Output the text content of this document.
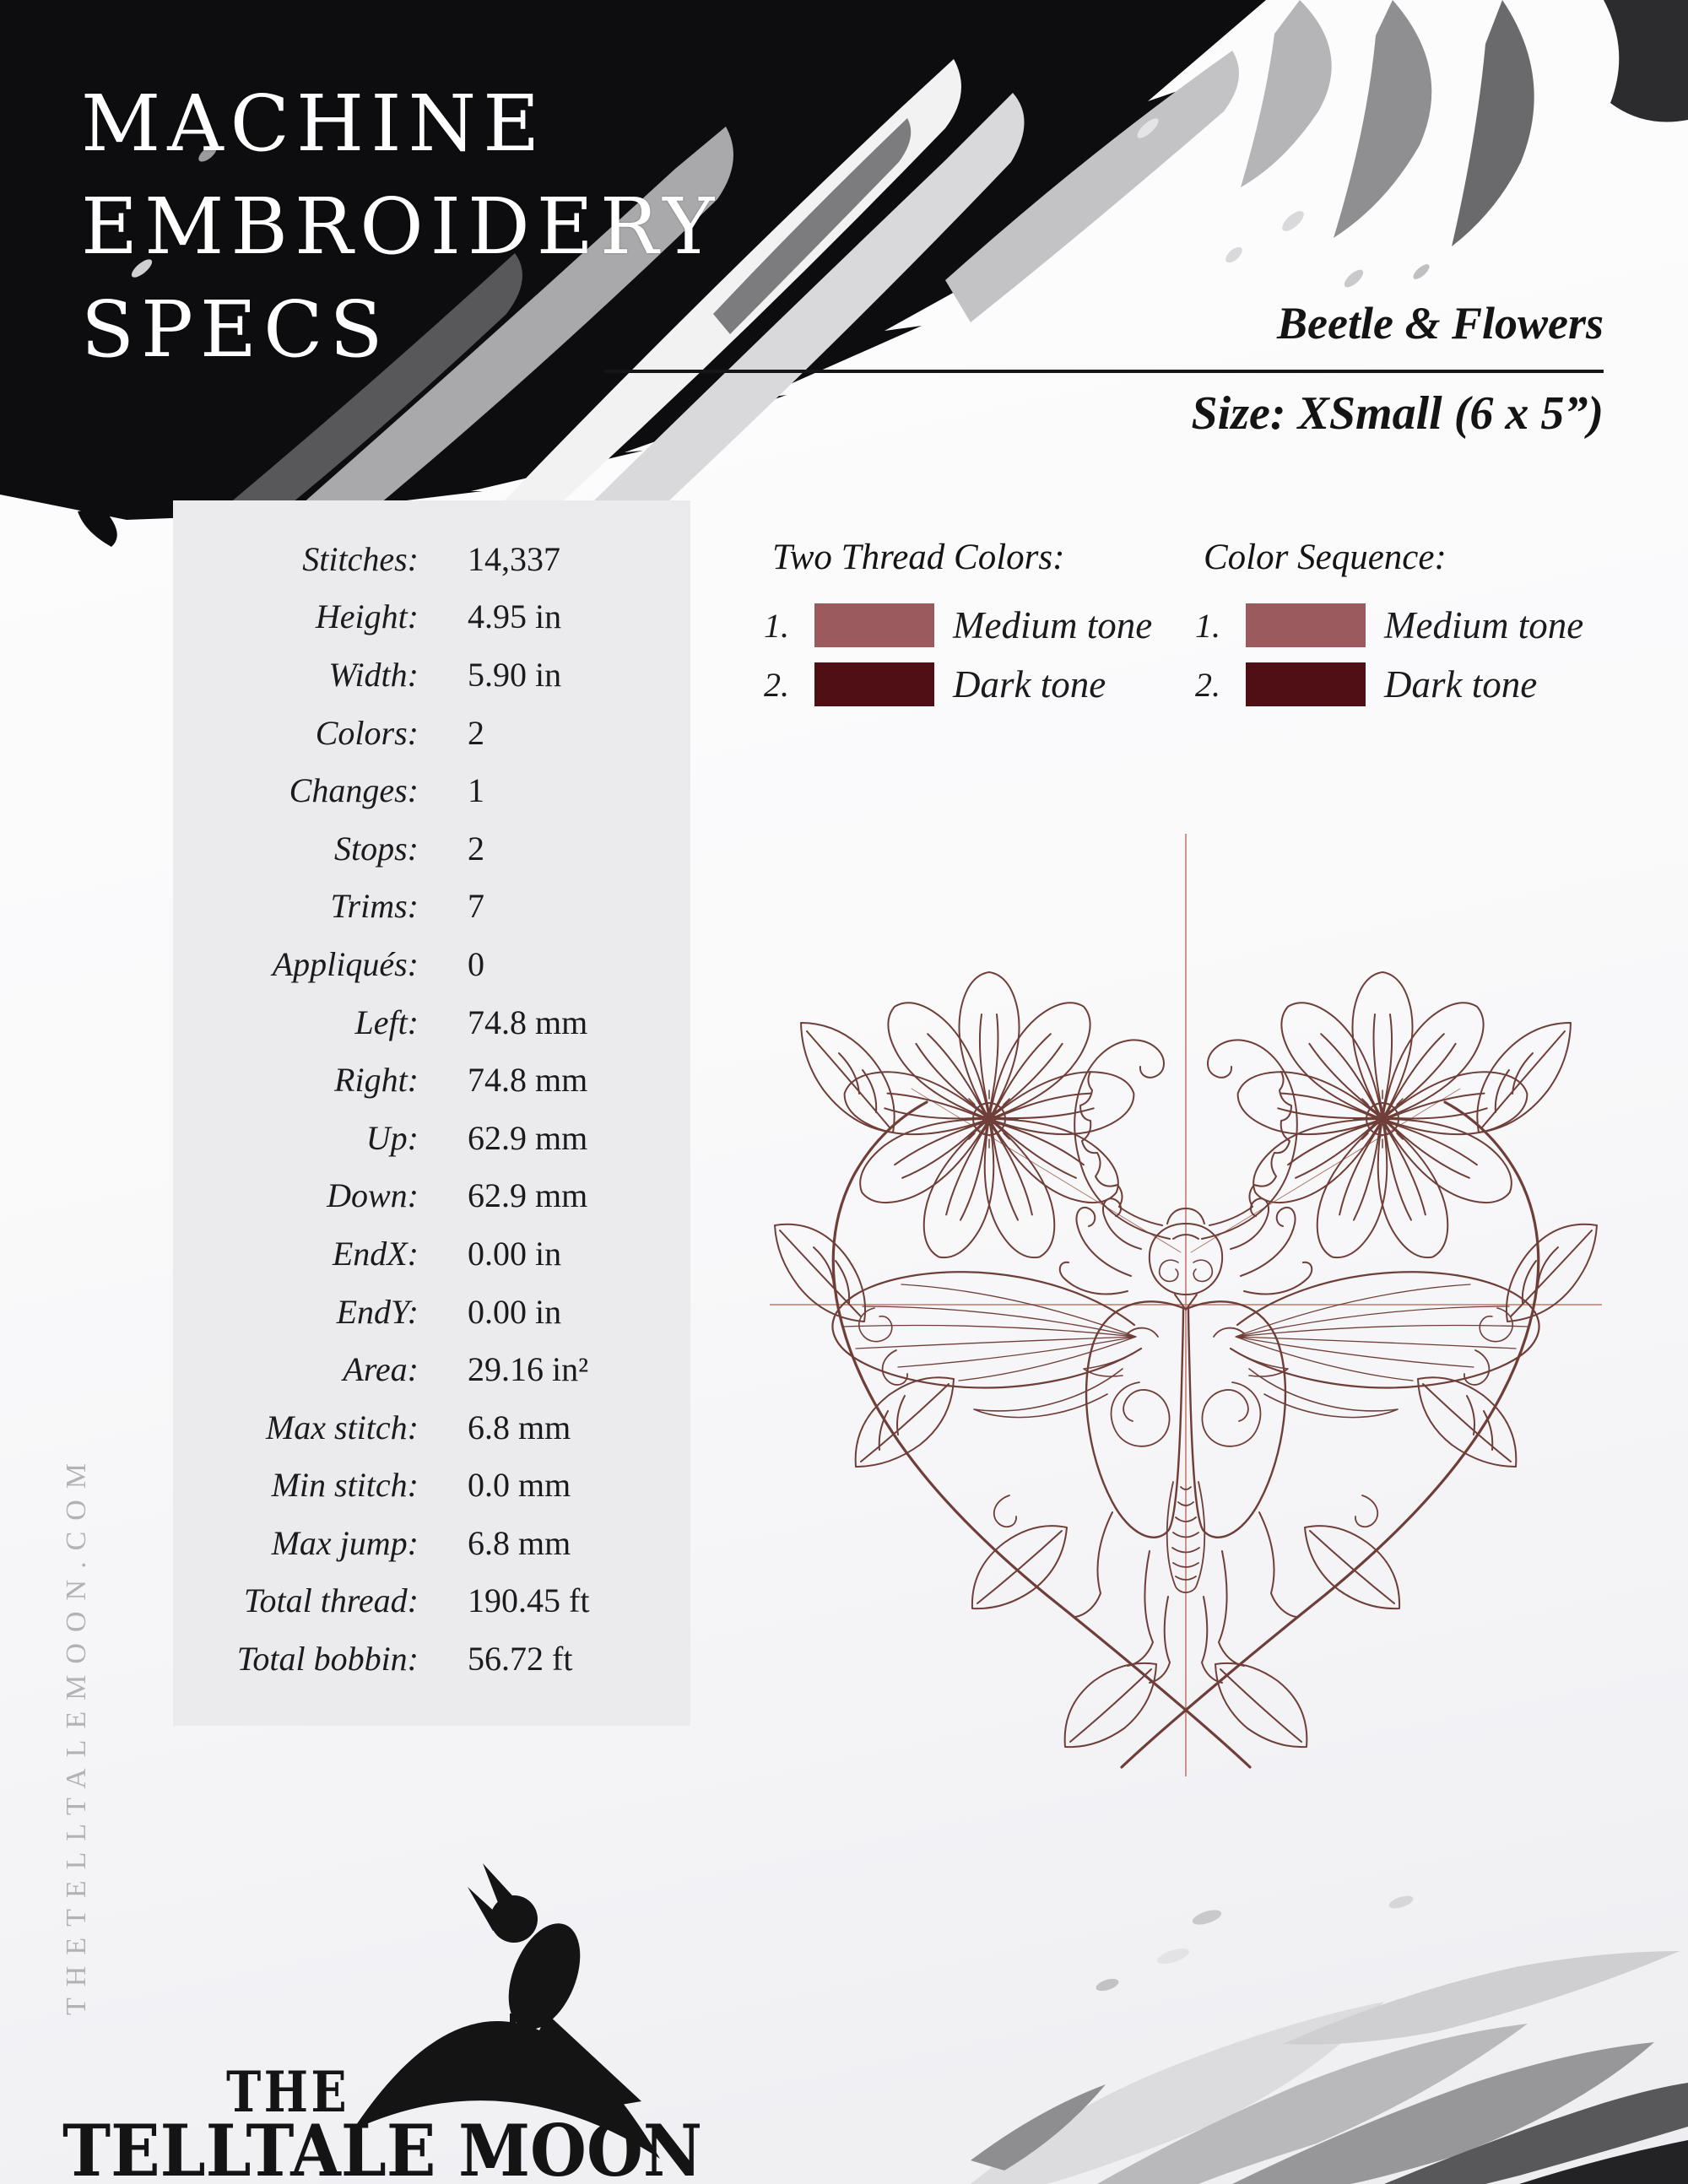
MACHINE
EMBROIDERY
SPECS	Beetle & Flowers
Size: XSmall (6 x 5”)
Stitches: 14,337
Height: 4.95 in
Width: 5.90 in
Colors: 2
Changes: 1
Stops: 2
Trims: 7
Appliqués: 0
Left: 74.8 mm
Right: 74.8 mm
Up: 62.9 mm
Down: 62.9 mm
EndX: 0.00 in
EndY: 0.00 in
Area: 29.16 in²
Max stitch: 6.8 mm
Min stitch: 0.0 mm
Max jump: 6.8 mm
Total thread: 190.45 ft
Total bobbin: 56.72 ft
Two Thread Colors:
1.	Medium tone
2.	Dark tone
Color Sequence:
1.	Medium tone
2.	Dark tone
THETELLTALEMOON.COM
THE
TELLTALE MOON
